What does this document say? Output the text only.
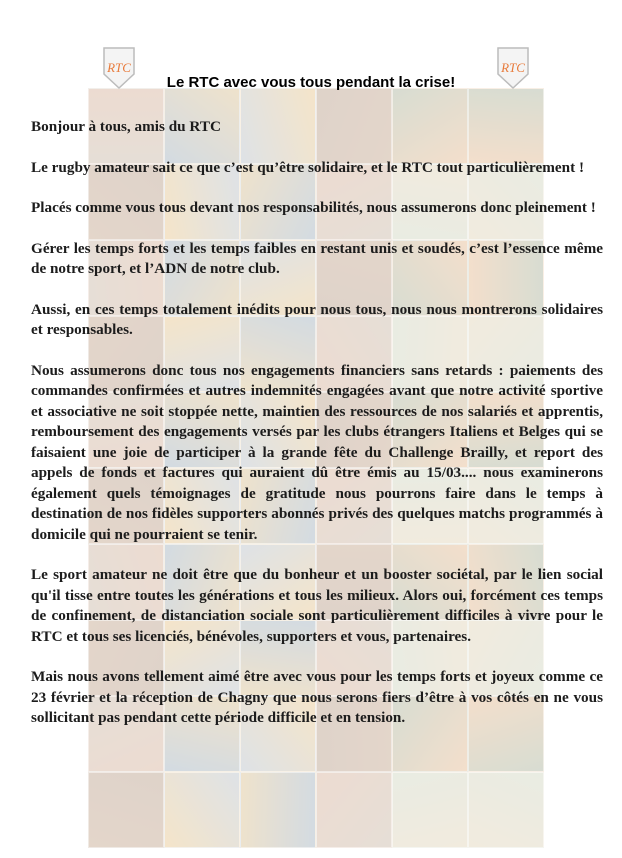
RTC	RTC
Le RTC avec vous tous pendant la crise!

Bonjour à tous, amis du RTC

Le rugby amateur sait ce que c’est qu’être solidaire, et le RTC tout particulièrement !

Placés comme vous tous devant nos responsabilités, nous assumerons donc pleinement !

Gérer les temps forts et les temps faibles en restant unis et soudés, c’est l’essence même de notre sport, et l’ADN de notre club.

Aussi, en ces temps totalement inédits pour nous tous, nous nous montrerons solidaires et responsables.

Nous assumerons donc tous nos engagements financiers sans retards : paiements des commandes confirmées et autres indemnités engagées avant que notre activité sportive et associative ne soit stoppée nette, maintien des ressources de nos salariés et apprentis, remboursement des engagements versés par les clubs étrangers Italiens et Belges qui se faisaient une joie de participer à la grande fête du Challenge Brailly, et report des appels de fonds et factures qui auraient dû être émis au 15/03.... nous examinerons également quels témoignages de gratitude nous pourrons faire dans le temps à destination de nos fidèles supporters abonnés privés des quelques matchs programmés à domicile qui ne pourraient se tenir.

Le sport amateur ne doit être que du bonheur et un booster sociétal, par le lien social qu'il tisse entre toutes les générations et tous les milieux. Alors oui, forcément ces temps de confinement, de distanciation sociale sont particulièrement difficiles à vivre pour le RTC et tous ses licenciés, bénévoles, supporters et vous, partenaires.

Mais nous avons tellement aimé être avec vous pour les temps forts et joyeux comme ce 23 février et la réception de Chagny que nous serons fiers d’être à vos côtés en ne vous sollicitant pas pendant cette période difficile et en tension.
